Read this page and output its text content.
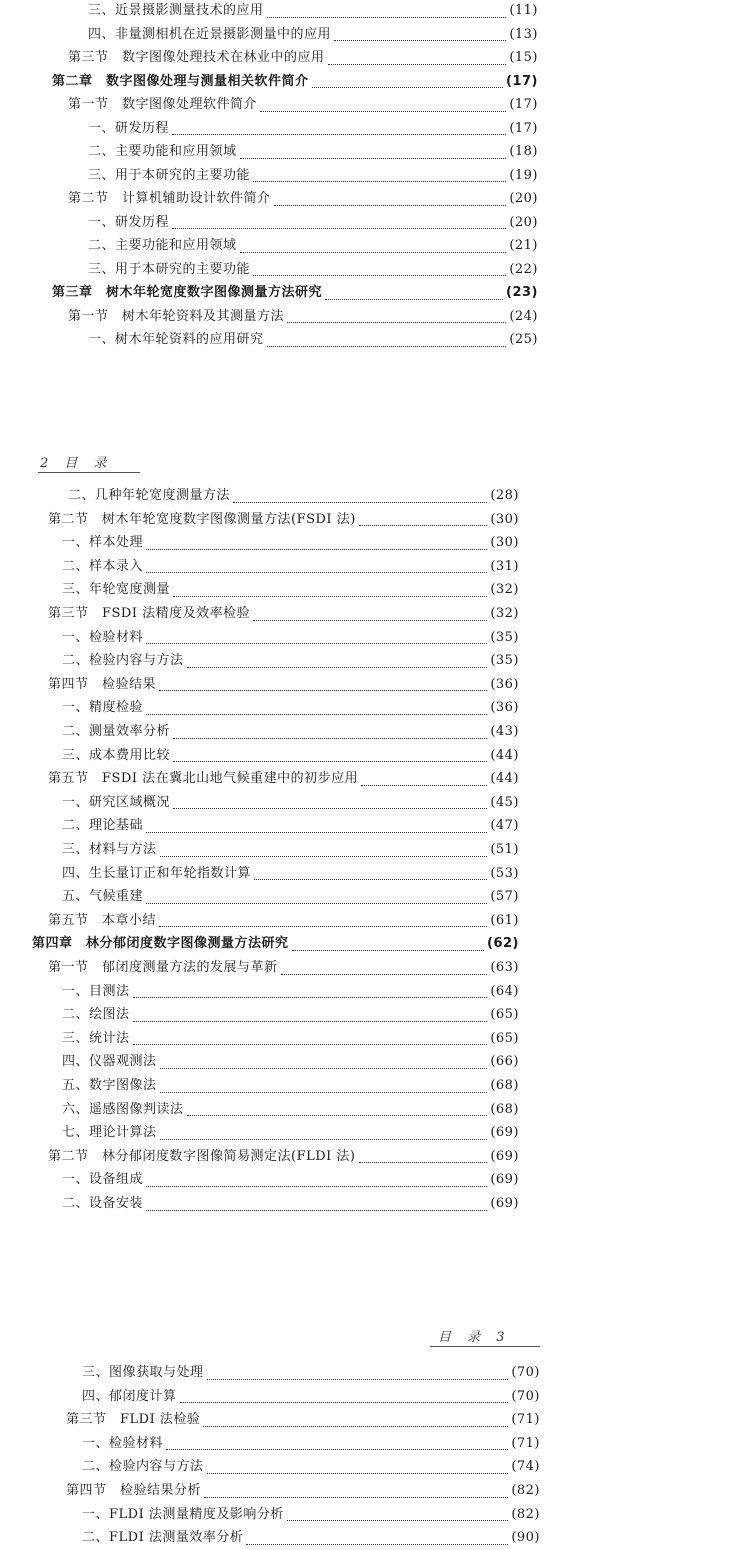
三、近景摄影测量技术的应用	(11)
四、非量测相机在近景摄影测量中的应用	(13)
第三节　数字图像处理技术在林业中的应用	(15)
第二章　数字图像处理与测量相关软件简介	(17)
第一节　数字图像处理软件简介	(17)
一、研发历程	(17)
二、主要功能和应用领域	(18)
三、用于本研究的主要功能	(19)
第二节　计算机辅助设计软件简介	(20)
一、研发历程	(20)
二、主要功能和应用领域	(21)
三、用于本研究的主要功能	(22)
第三章　树木年轮宽度数字图像测量方法研究	(23)
第一节　树木年轮资料及其测量方法	(24)
一、树木年轮资料的应用研究	(25)
2 目 录
二、几种年轮宽度测量方法	(28)
第二节　树木年轮宽度数字图像测量方法(FSDI 法)	(30)
一、样本处理	(30)
二、样本录入	(31)
三、年轮宽度测量	(32)
第三节　FSDI 法精度及效率检验	(32)
一、检验材料	(35)
二、检验内容与方法	(35)
第四节　检验结果	(36)
一、精度检验	(36)
二、测量效率分析	(43)
三、成本费用比较	(44)
第五节　FSDI 法在冀北山地气候重建中的初步应用	(44)
一、研究区域概况	(45)
二、理论基础	(47)
三、材料与方法	(51)
四、生长量订正和年轮指数计算	(53)
五、气候重建	(57)
第五节　本章小结	(61)
第四章　林分郁闭度数字图像测量方法研究	(62)
第一节　郁闭度测量方法的发展与革新	(63)
一、目测法	(64)
二、绘图法	(65)
三、统计法	(65)
四、仪器观测法	(66)
五、数字图像法	(68)
六、遥感图像判读法	(68)
七、理论计算法	(69)
第二节　林分郁闭度数字图像简易测定法(FLDI 法)	(69)
一、设备组成	(69)
二、设备安装	(69)
目 录 3
三、图像获取与处理	(70)
四、郁闭度计算	(70)
第三节　FLDI 法检验	(71)
一、检验材料	(71)
二、检验内容与方法	(74)
第四节　检验结果分析	(82)
一、FLDI 法测量精度及影响分析	(82)
二、FLDI 法测量效率分析	(90)
